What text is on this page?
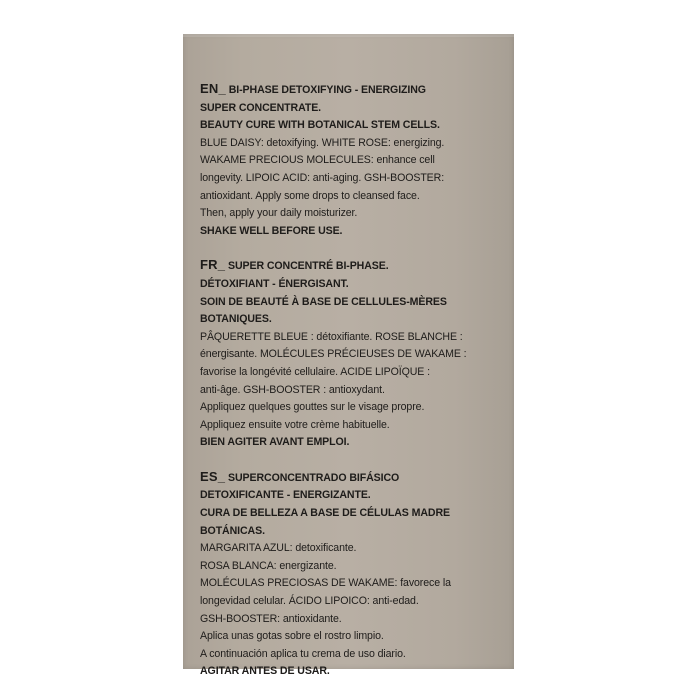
EN_ BI-PHASE DETOXIFYING - ENERGIZING
SUPER CONCENTRATE.
BEAUTY CURE WITH BOTANICAL STEM CELLS.
BLUE DAISY: detoxifying. WHITE ROSE: energizing.
WAKAME PRECIOUS MOLECULES: enhance cell
longevity. LIPOIC ACID: anti-aging. GSH-BOOSTER:
antioxidant. Apply some drops to cleansed face.
Then, apply your daily moisturizer.
SHAKE WELL BEFORE USE.
FR_ SUPER CONCENTRÉ BI-PHASE.
DÉTOXIFIANT - ÉNERGISANT.
SOIN DE BEAUTÉ À BASE DE CELLULES-MÈRES
BOTANIQUES.
PÂQUERETTE BLEUE : détoxifiante. ROSE BLANCHE :
énergisante. MOLÉCULES PRÉCIEUSES DE WAKAME :
favorise la longévité cellulaire. ACIDE LIPOÏQUE :
anti-âge. GSH-BOOSTER : antioxydant.
Appliquez quelques gouttes sur le visage propre.
Appliquez ensuite votre crème habituelle.
BIEN AGITER AVANT EMPLOI.
ES_ SUPERCONCENTRADO BIFÁSICO
DETOXIFICANTE - ENERGIZANTE.
CURA DE BELLEZA A BASE DE CÉLULAS MADRE
BOTÁNICAS.
MARGARITA AZUL: detoxificante.
ROSA BLANCA: energizante.
MOLÉCULAS PRECIOSAS DE WAKAME: favorece la
longevidad celular. ÁCIDO LIPOICO: anti-edad.
GSH-BOOSTER: antioxidante.
Aplica unas gotas sobre el rostro limpio.
A continuación aplica tu crema de uso diario.
AGITAR ANTES DE USAR.
